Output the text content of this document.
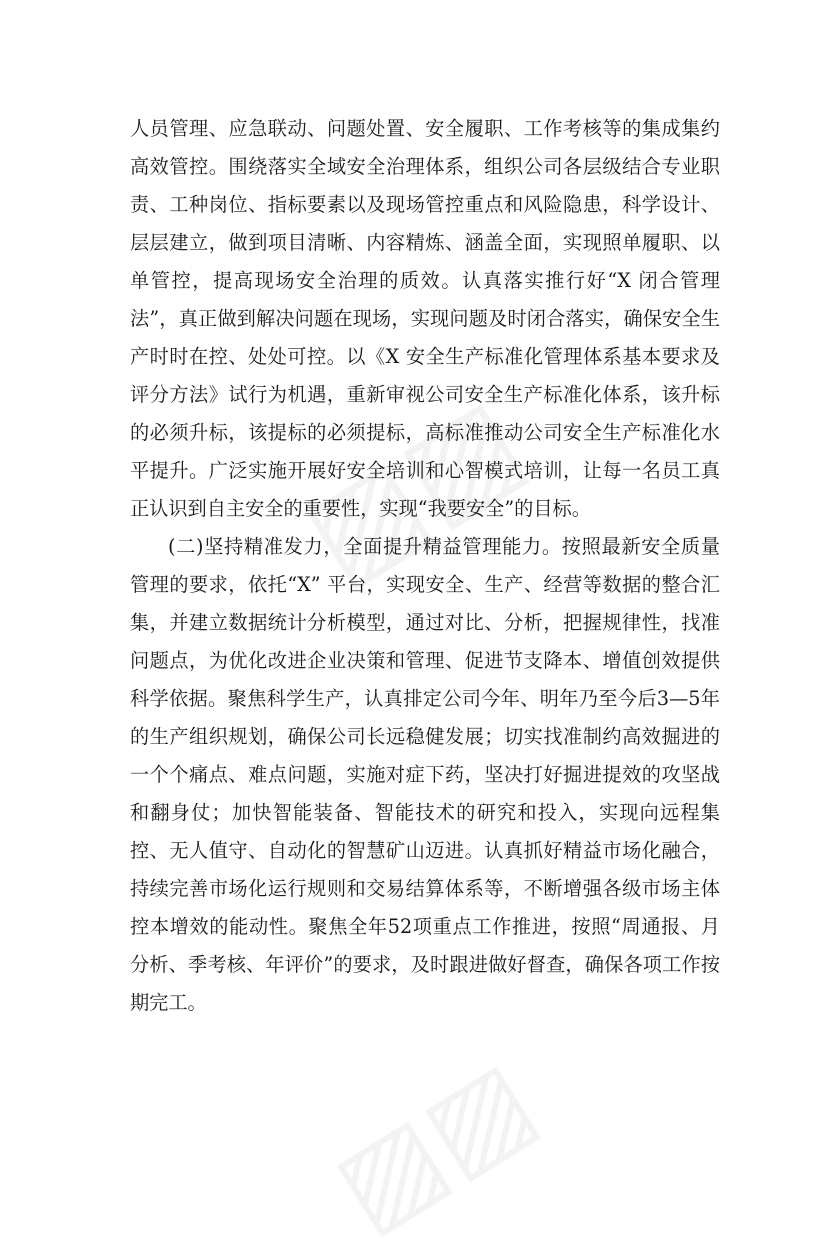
人员管理、应急联动、问题处置、安全履职、工作考核等的集成集约高效管控。围绕落实全域安全治理体系，组织公司各层级结合专业职责、工种岗位、指标要素以及现场管控重点和风险隐患，科学设计、层层建立，做到项目清晰、内容精炼、涵盖全面，实现照单履职、以单管控，提高现场安全治理的质效。认真落实推行好“X 闭合管理法”，真正做到解决问题在现场，实现问题及时闭合落实，确保安全生产时时在控、处处可控。以《X 安全生产标准化管理体系基本要求及评分方法》试行为机遇，重新审视公司安全生产标准化体系，该升标的必须升标，该提标的必须提标，高标准推动公司安全生产标准化水平提升。广泛实施开展好安全培训和心智模式培训，让每一名员工真正认识到自主安全的重要性，实现“我要安全”的目标。

(二)坚持精准发力，全面提升精益管理能力。按照最新安全质量管理的要求，依托“X” 平台，实现安全、生产、经营等数据的整合汇集，并建立数据统计分析模型，通过对比、分析，把握规律性，找准问题点，为优化改进企业决策和管理、促进节支降本、增值创效提供科学依据。聚焦科学生产，认真排定公司今年、明年乃至今后3—5年的生产组织规划，确保公司长远稳健发展；切实找准制约高效掘进的一个个痛点、难点问题，实施对症下药，坚决打好掘进提效的攻坚战和翻身仗；加快智能装备、智能技术的研究和投入，实现向远程集控、无人值守、自动化的智慧矿山迈进。认真抓好精益市场化融合，持续完善市场化运行规则和交易结算体系等，不断增强各级市场主体控本增效的能动性。聚焦全年52项重点工作推进，按照“周通报、月分析、季考核、年评价”的要求，及时跟进做好督查，确保各项工作按期完工。
